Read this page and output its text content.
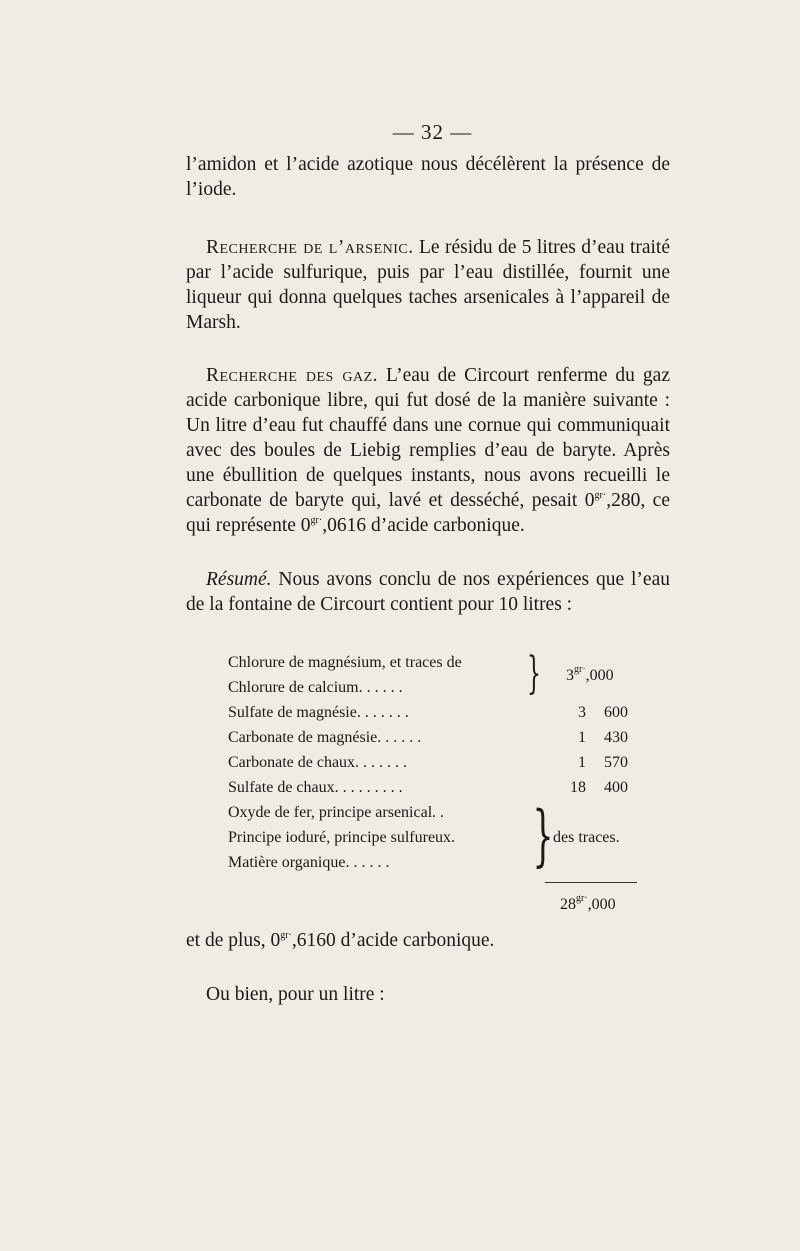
— 32 —

l’amidon et l’acide azotique nous décélèrent la présence de l’iode.

Recherche de l’arsenic. Le résidu de 5 litres d’eau traité par l’acide sulfurique, puis par l’eau distillée, fournit une liqueur qui donna quelques taches arsenicales à l’appareil de Marsh.

Recherche des gaz. L’eau de Circourt renferme du gaz acide carbonique libre, qui fut dosé de la manière suivante : Un litre d’eau fut chauffé dans une cornue qui communiquait avec des boules de Liebig remplies d’eau de baryte. Après une ébullition de quelques instants, nous avons recueilli le carbonate de baryte qui, lavé et desséché, pesait $0^{gr\cdot},280$, ce qui représente $0^{gr\cdot},0616$ d’acide carbonique.

Résumé. Nous avons conclu de nos expériences que l’eau de la fontaine de Circourt contient pour 10 litres :

Chlorure de magnésium, et traces de
Chlorure de calcium. . . . . .	} $3^{gr\cdot},000$
Sulfate de magnésie. . . . . . .	3 600
Carbonate de magnésie. . . . . .	1 430
Carbonate de chaux. . . . . . .	1 570
Sulfate de chaux. . . . . . . . .	18 400
Oxyde de fer, principe arsenical. .
Principe ioduré, principe sulfureux.
Matière organique. . . . . . } des traces.
$28^{gr\cdot},000$

et de plus, $0^{gr\cdot},6160$ d’acide carbonique.

Ou bien, pour un litre :
